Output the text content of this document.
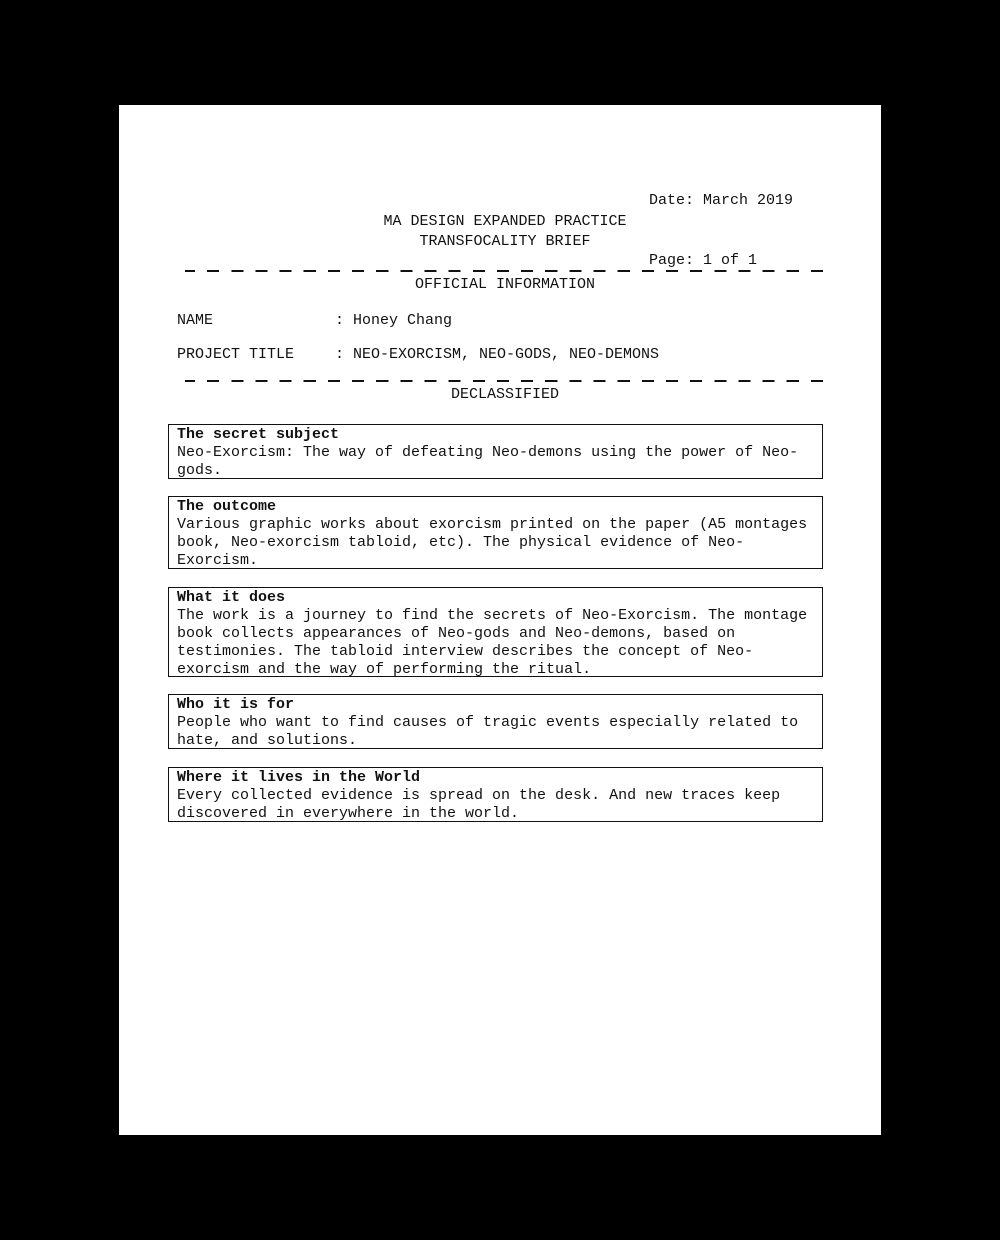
Date: March 2019

Page: 1 of 1

MA DESIGN EXPANDED PRACTICE
TRANSFOCALITY BRIEF
OFFICIAL INFORMATION
NAME	: Honey Chang
PROJECT TITLE	: NEO-EXORCISM, NEO-GODS, NEO-DEMONS
DECLASSIFIED
The secret subject
Neo-Exorcism: The way of defeating Neo-demons using the power of Neo-gods.
The outcome
Various graphic works about exorcism printed on the paper (A5 montages book, Neo-exorcism tabloid, etc). The physical evidence of Neo-Exorcism.
What it does
The work is a journey to find the secrets of Neo-Exorcism. The montage book collects appearances of Neo-gods and Neo-demons, based on testimonies. The tabloid interview describes the concept of Neo-exorcism and the way of performing the ritual.
Who it is for
People who want to find causes of tragic events especially related to hate, and solutions.
Where it lives in the World
Every collected evidence is spread on the desk. And new traces keep discovered in everywhere in the world.
